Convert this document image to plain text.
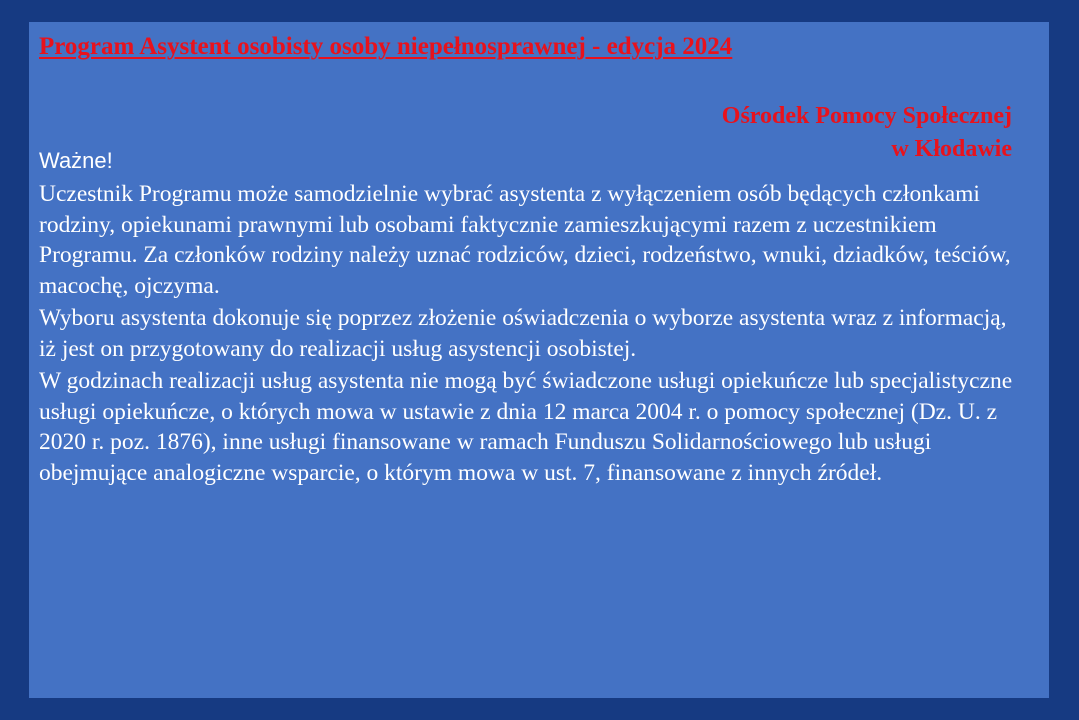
Program Asystent osobisty osoby niepełnosprawnej - edycja 2024
Ośrodek Pomocy Społecznej
w Kłodawie

Ważne!

Uczestnik Programu może samodzielnie wybrać asystenta z wyłączeniem osób będących członkami rodziny, opiekunami prawnymi lub osobami faktycznie zamieszkującymi razem z uczestnikiem Programu. Za członków rodziny należy uznać rodziców, dzieci, rodzeństwo, wnuki, dziadków, teściów, macochę, ojczyma.

Wyboru asystenta dokonuje się poprzez złożenie oświadczenia o wyborze asystenta wraz z informacją, iż jest on przygotowany do realizacji usług asystencji osobistej.

W godzinach realizacji usług asystenta nie mogą być świadczone usługi opiekuńcze lub specjalistyczne usługi opiekuńcze, o których mowa w ustawie z dnia 12 marca 2004 r. o pomocy społecznej (Dz. U. z 2020 r. poz. 1876), inne usługi finansowane w ramach Funduszu Solidarnościowego lub usługi obejmujące analogiczne wsparcie, o którym mowa w ust. 7, finansowane z innych źródeł.
